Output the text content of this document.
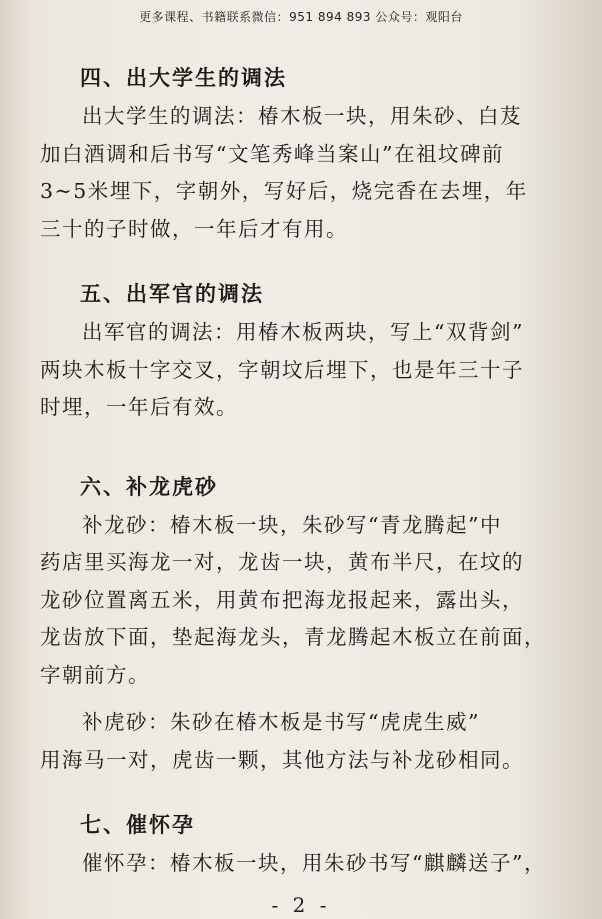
更多课程、书籍联系微信：951 894 893 公众号：观阳台
四、出大学生的调法
出大学生的调法：椿木板一块，用朱砂、白芨
加白酒调和后书写“文笔秀峰当案山”在祖坟碑前
3~5米埋下，字朝外，写好后，烧完香在去埋，年
三十的子时做，一年后才有用。
五、出军官的调法
出军官的调法：用椿木板两块，写上“双背剑”
两块木板十字交叉，字朝坟后埋下，也是年三十子
时埋，一年后有效。
六、补龙虎砂
补龙砂：椿木板一块，朱砂写“青龙腾起”中
药店里买海龙一对，龙齿一块，黄布半尺，在坟的
龙砂位置离五米，用黄布把海龙报起来，露出头，
龙齿放下面，垫起海龙头，青龙腾起木板立在前面，
字朝前方。
补虎砂：朱砂在椿木板是书写“虎虎生威”
用海马一对，虎齿一颗，其他方法与补龙砂相同。
七、催怀孕
催怀孕：椿木板一块，用朱砂书写“麒麟送子”，
- 2 -
